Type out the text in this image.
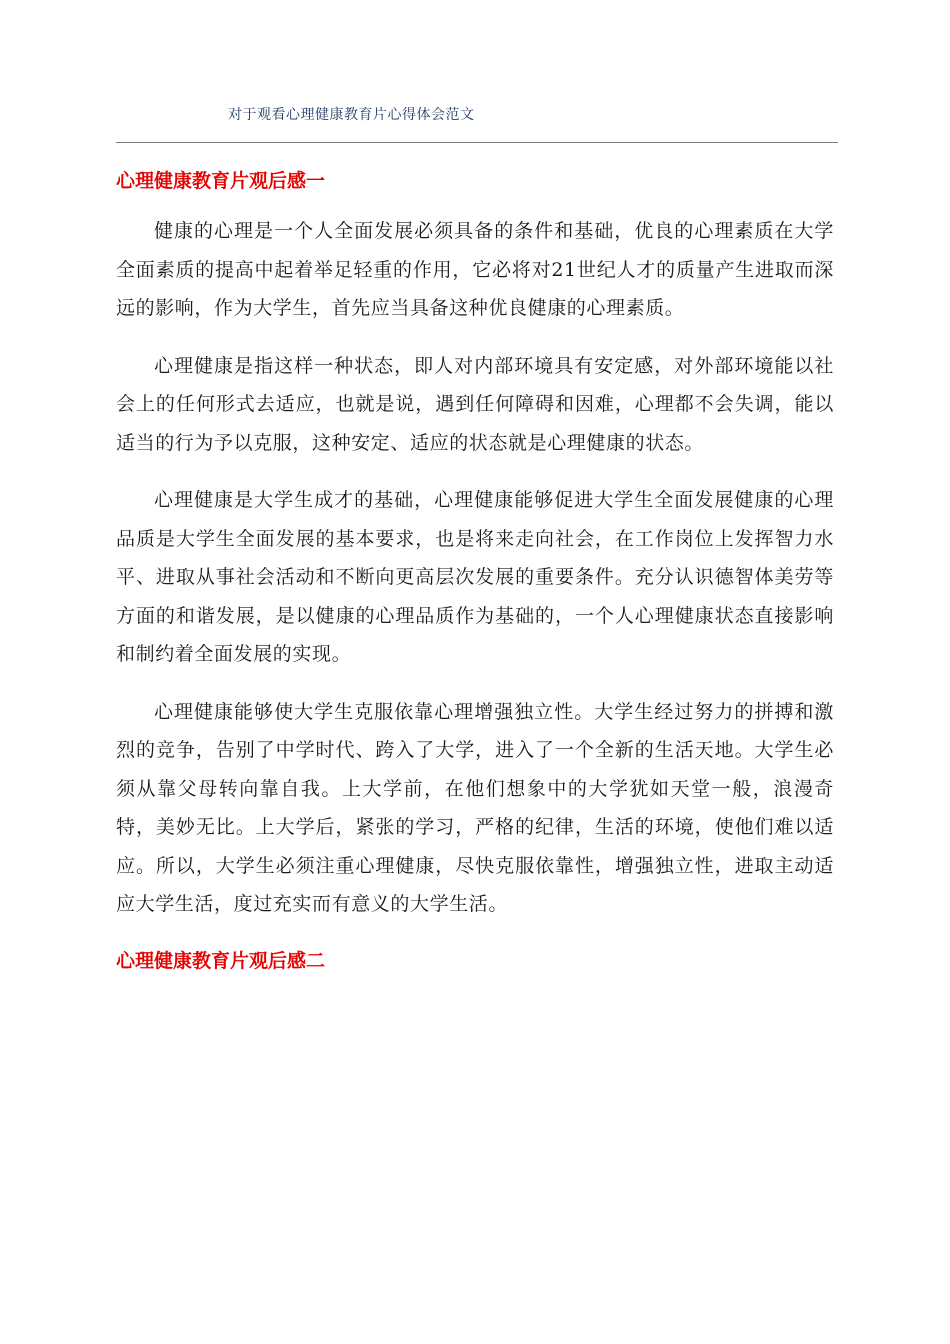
对于观看心理健康教育片心得体会范文
心理健康教育片观后感一

健康的心理是一个人全面发展必须具备的条件和基础，优良的心理素质在大学全面素质的提高中起着举足轻重的作用，它必将对21世纪人才的质量产生进取而深远的影响，作为大学生，首先应当具备这种优良健康的心理素质。

心理健康是指这样一种状态，即人对内部环境具有安定感，对外部环境能以社会上的任何形式去适应，也就是说，遇到任何障碍和因难，心理都不会失调，能以适当的行为予以克服，这种安定、适应的状态就是心理健康的状态。

心理健康是大学生成才的基础，心理健康能够促进大学生全面发展健康的心理品质是大学生全面发展的基本要求，也是将来走向社会，在工作岗位上发挥智力水平、进取从事社会活动和不断向更高层次发展的重要条件。充分认识德智体美劳等方面的和谐发展，是以健康的心理品质作为基础的，一个人心理健康状态直接影响和制约着全面发展的实现。

心理健康能够使大学生克服依靠心理增强独立性。大学生经过努力的拼搏和激烈的竞争，告别了中学时代、跨入了大学，进入了一个全新的生活天地。大学生必须从靠父母转向靠自我。上大学前，在他们想象中的大学犹如天堂一般，浪漫奇特，美妙无比。上大学后，紧张的学习，严格的纪律，生活的环境，使他们难以适应。所以，大学生必须注重心理健康，尽快克服依靠性，增强独立性，进取主动适应大学生活，度过充实而有意义的大学生活。

心理健康教育片观后感二
